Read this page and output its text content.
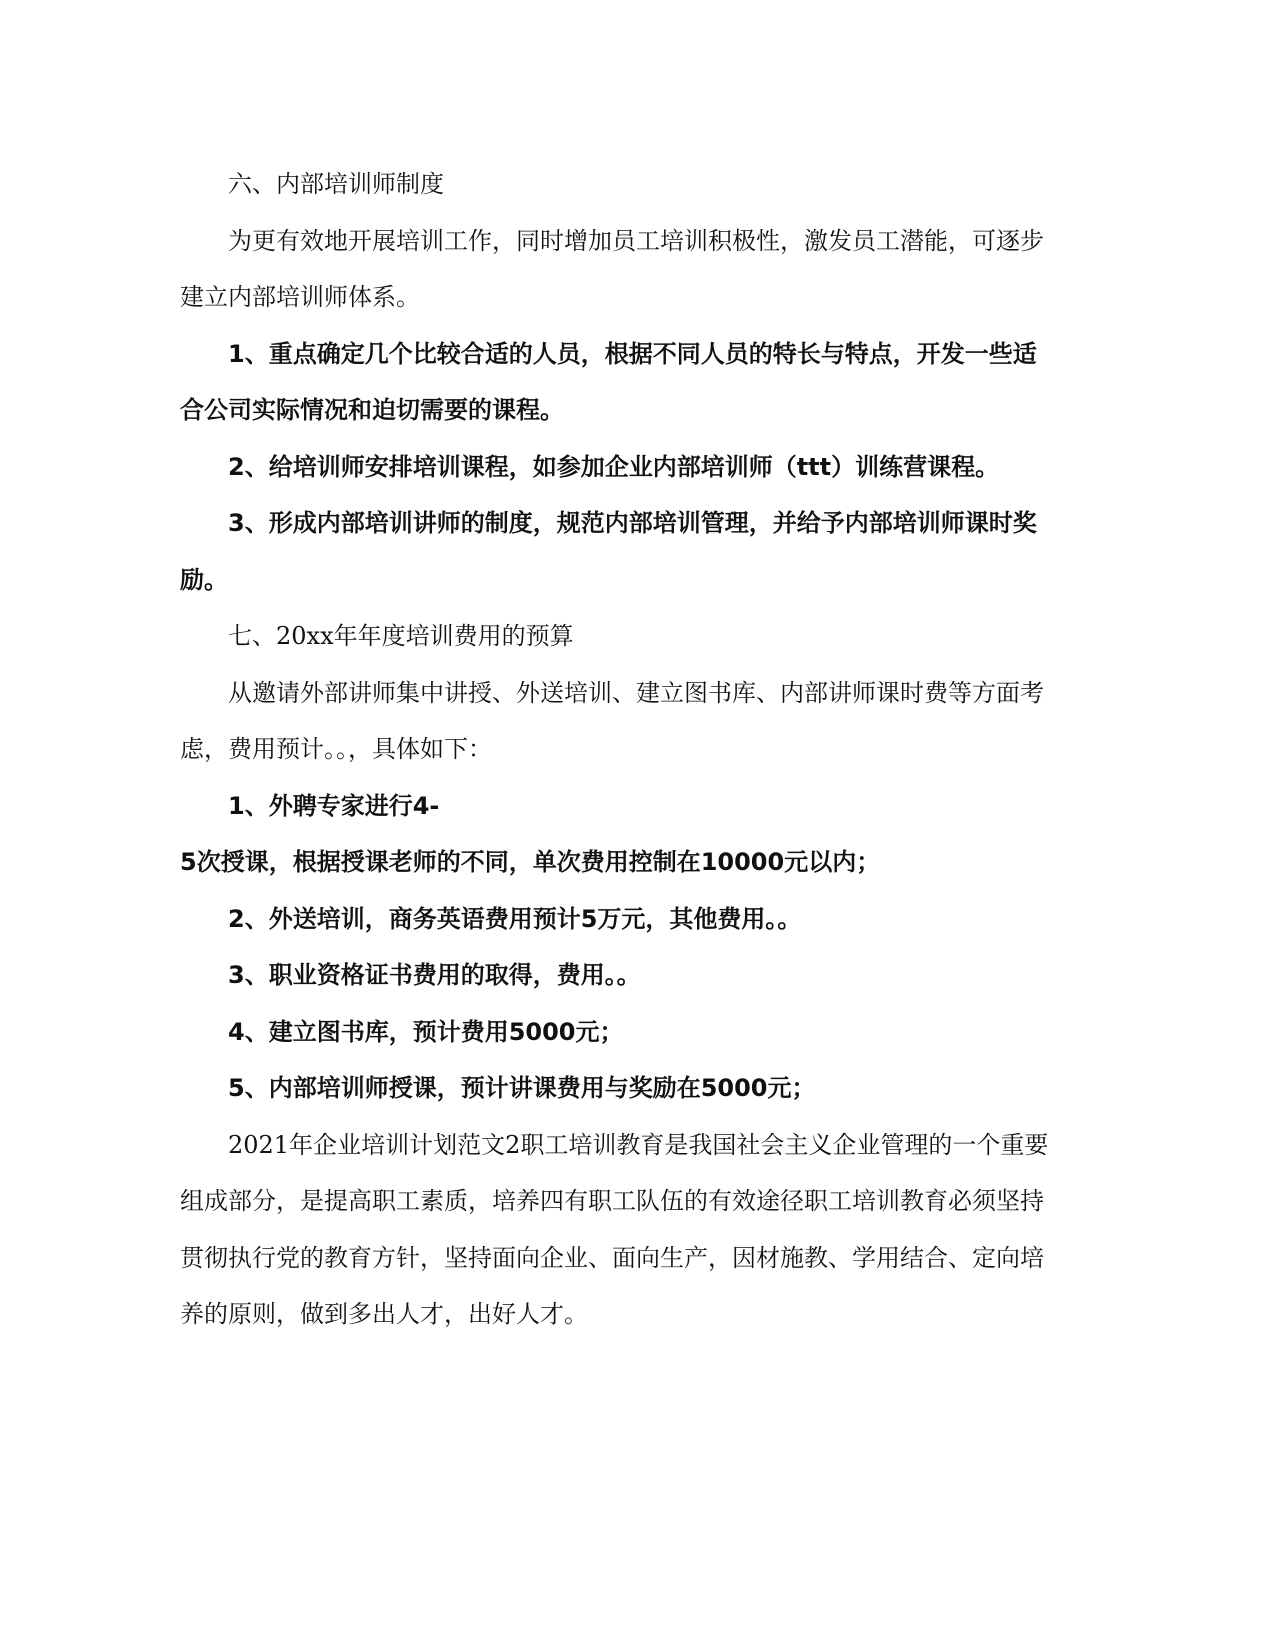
六、内部培训师制度
为更有效地开展培训工作，同时增加员工培训积极性，激发员工潜能，可逐步
建立内部培训师体系。
1、重点确定几个比较合适的人员，根据不同人员的特长与特点，开发一些适
合公司实际情况和迫切需要的课程。
2、给培训师安排培训课程，如参加企业内部培训师（ttt）训练营课程。
3、形成内部培训讲师的制度，规范内部培训管理，并给予内部培训师课时奖
励。
七、20xx年年度培训费用的预算
从邀请外部讲师集中讲授、外送培训、建立图书库、内部讲师课时费等方面考
虑，费用预计。。，具体如下：
1、外聘专家进行4-
5次授课，根据授课老师的不同，单次费用控制在10000元以内；
2、外送培训，商务英语费用预计5万元，其他费用。。
3、职业资格证书费用的取得，费用。。
4、建立图书库，预计费用5000元；
5、内部培训师授课，预计讲课费用与奖励在5000元；
2021年企业培训计划范文2职工培训教育是我国社会主义企业管理的一个重要
组成部分，是提高职工素质，培养四有职工队伍的有效途径职工培训教育必须坚持
贯彻执行党的教育方针，坚持面向企业、面向生产，因材施教、学用结合、定向培
养的原则，做到多出人才，出好人才。
